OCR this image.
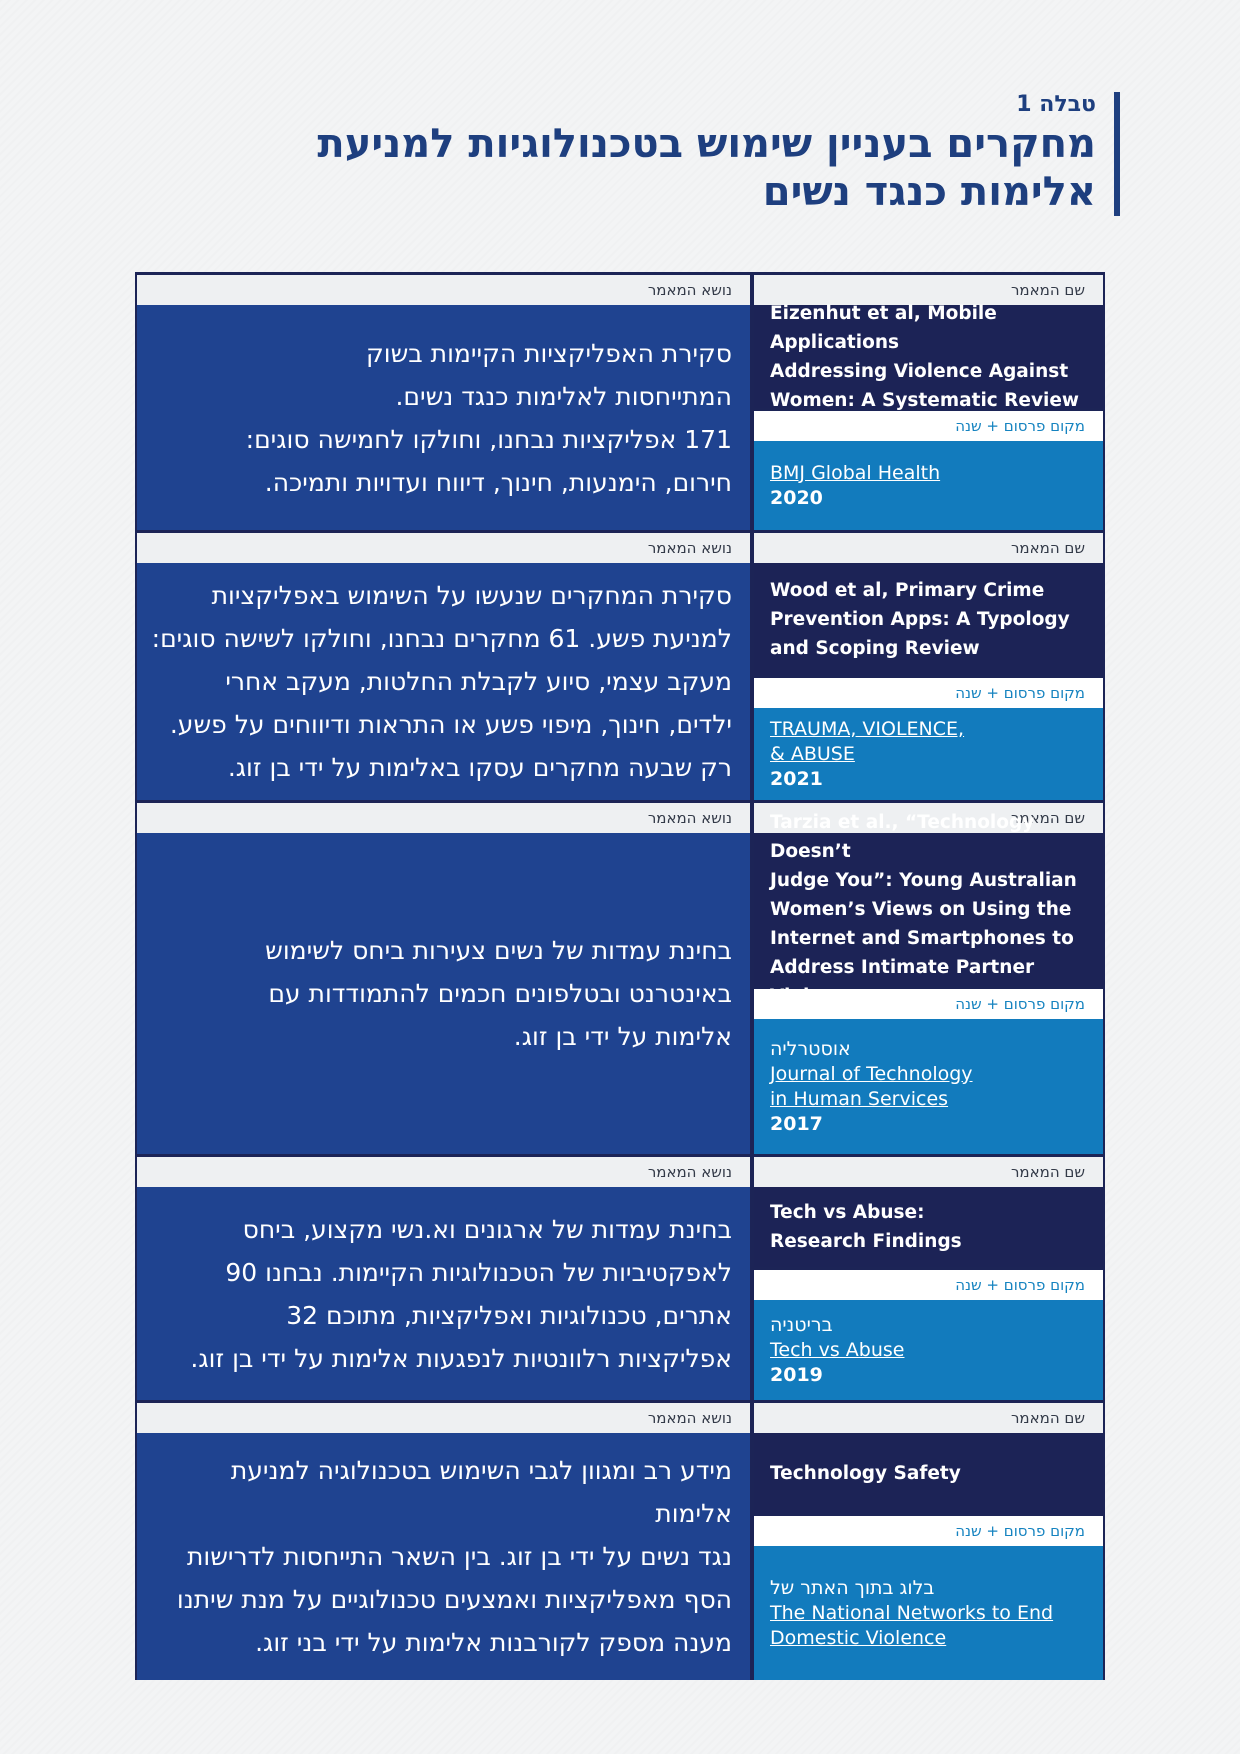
טבלה 1
מחקרים בעניין שימוש בטכנולוגיות למניעת
אלימות כנגד נשים
נושא המאמר
סקירת האפליקציות הקיימות בשוק
המתייחסות לאלימות כנגד נשים.
171 אפליקציות נבחנו, וחולקו לחמישה סוגים:
חירום, הימנעות, חינוך, דיווח ועדויות ותמיכה.
שם המאמר
Eizenhut et al, Mobile Applications
Addressing Violence Against
Women: A Systematic Review
מקום פרסום + שנה
BMJ Global Health
2020
נושא המאמר
סקירת המחקרים שנעשו על השימוש באפליקציות
למניעת פשע. 61 מחקרים נבחנו, וחולקו לשישה סוגים:
מעקב עצמי, סיוע לקבלת החלטות, מעקב אחרי
ילדים, חינוך, מיפוי פשע או התראות ודיווחים על פשע.
רק שבעה מחקרים עסקו באלימות על ידי בן זוג.
שם המאמר
Wood et al, Primary Crime
Prevention Apps: A Typology
and Scoping Review
מקום פרסום + שנה
TRAUMA, VIOLENCE,
& ABUSE
2021
נושא המאמר
בחינת עמדות של נשים צעירות ביחס לשימוש
באינטרנט ובטלפונים חכמים להתמודדות עם
אלימות על ידי בן זוג.
שם המאמר
Tarzia et al., “Technology Doesn’t
Judge You”: Young Australian
Women’s Views on Using the
Internet and Smartphones to
Address Intimate Partner
מקום פרסום + שנה
אוסטרליה
Journal of Technology
in Human Services
2017
נושא המאמר
בחינת עמדות של ארגונים וא.נשי מקצוע, ביחס
לאפקטיביות של הטכנולוגיות הקיימות. נבחנו 90
אתרים, טכנולוגיות ואפליקציות, מתוכם 32
אפליקציות רלוונטיות לנפגעות אלימות על ידי בן זוג.
שם המאמר
Tech vs Abuse:
Research Findings
מקום פרסום + שנה
בריטניה
Tech vs Abuse
2019
נושא המאמר
מידע רב ומגוון לגבי השימוש בטכנולוגיה למניעת אלימות
נגד נשים על ידי בן זוג. בין השאר התייחסות לדרישות
הסף מאפליקציות ואמצעים טכנולוגיים על מנת שיתנו
מענה מספק לקורבנות אלימות על ידי בני זוג.
שם המאמר
Technology Safety
מקום פרסום + שנה
בלוג בתוך האתר של
The National Networks to End
Domestic Violence
